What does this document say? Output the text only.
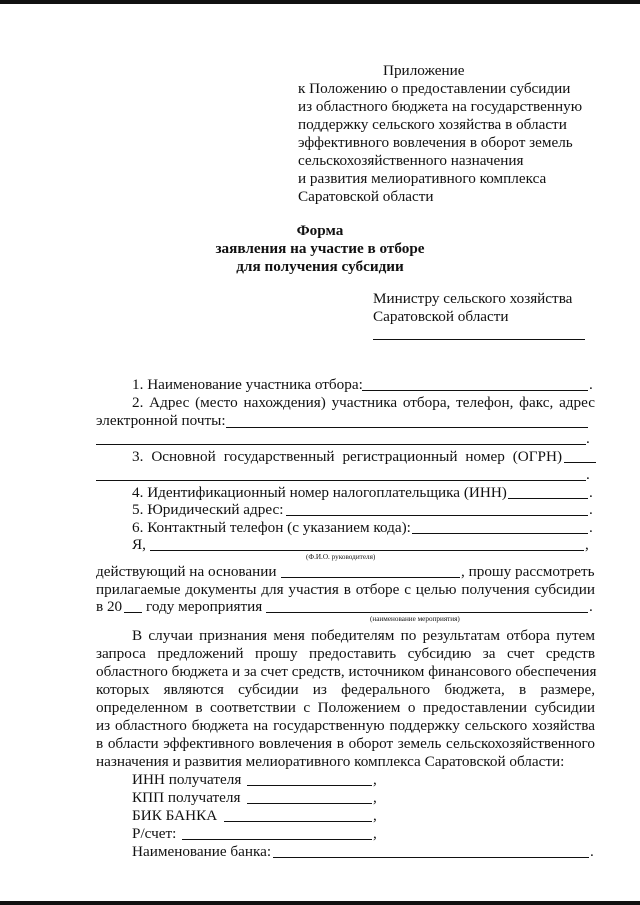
Приложение
к Положению о предоставлении субсидии
из областного бюджета на государственную
поддержку сельского хозяйства в области
эффективного вовлечения в оборот земель
сельскохозяйственного назначения
и развития мелиоративного комплекса
Саратовской области
Форма
заявления на участие в отборе
для получения субсидии
Министру сельского хозяйства
Саратовской области
1. Наименование участника отбора:	.
2. Адрес (место нахождения) участника отбора, телефон, факс, адрес
электронной почты:
.
3. Основной государственный регистрационный номер (ОГРН)
.
4. Идентификационный номер налогоплательщика (ИНН)	.
5. Юридический адрес:	.
6. Контактный телефон (с указанием кода):	.
Я,	,
(Ф.И.О. руководителя)
действующий на основании	, прошу рассмотреть
прилагаемые документы для участия в отборе с целью получения субсидии
в 20 году мероприятия	.
(наименование мероприятия)
В случаи признания меня победителям по результатам отбора путем
запроса предложений прошу предоставить субсидию за счет средств
областного бюджета и за счет средств, источником финансового обеспечения
которых являются субсидии из федерального бюджета, в размере,
определенном в соответствии с Положением о предоставлении субсидии
из областного бюджета на государственную поддержку сельского хозяйства
в области эффективного вовлечения в оборот земель сельскохозяйственного
назначения и развития мелиоративного комплекса Саратовской области:
ИНН получателя	,
КПП получателя	,
БИК БАНКА	,
Р/счет:	,
Наименование банка:	.
